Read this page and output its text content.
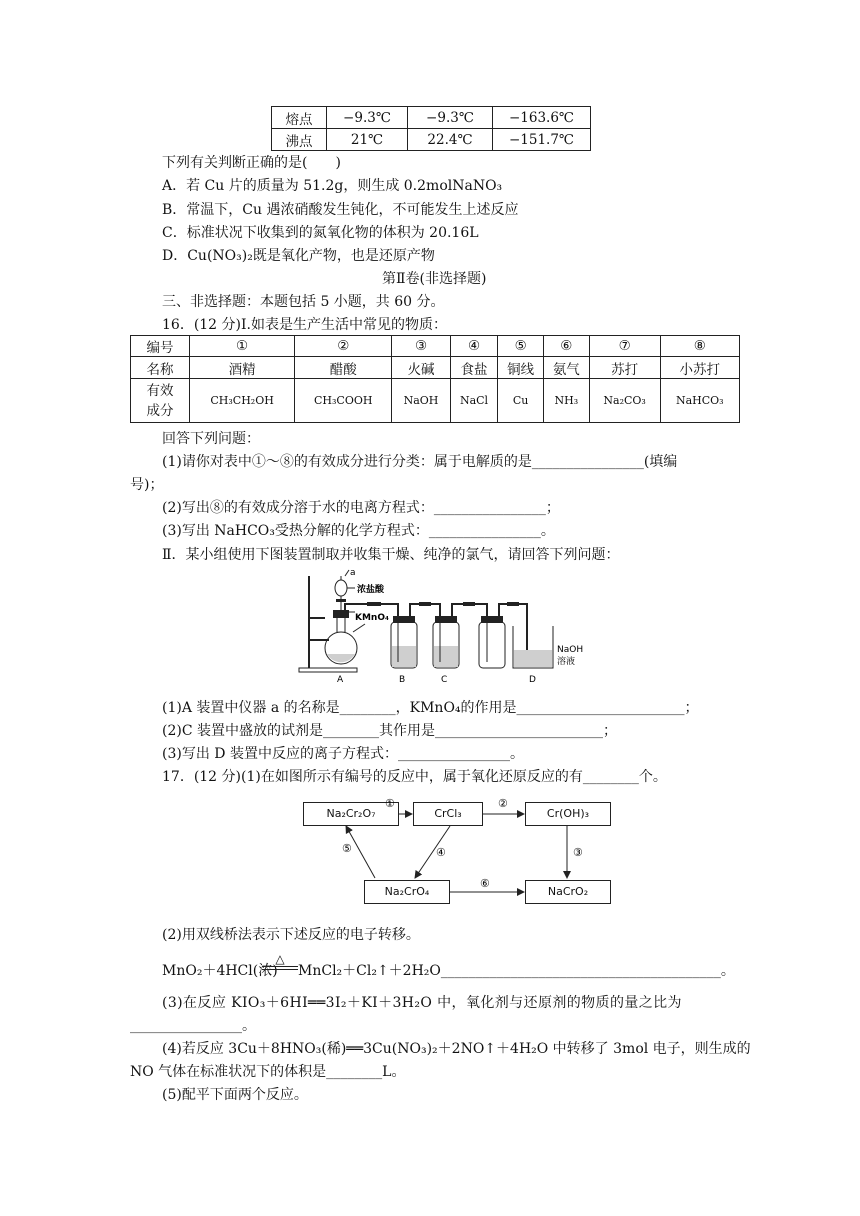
熔点	−9.3℃	−9.3℃	−163.6℃
沸点	21℃	22.4℃	−151.7℃
下列有关判断正确的是(　　)
A．若 Cu 片的质量为 51.2g，则生成 0.2molNaNO₃
B．常温下，Cu 遇浓硝酸发生钝化，不可能发生上述反应
C．标准状况下收集到的氮氧化物的体积为 20.16L
D．Cu(NO₃)₂既是氧化产物，也是还原产物
第Ⅱ卷(非选择题)
三、非选择题：本题包括 5 小题，共 60 分。
16．(12 分)Ⅰ.如表是生产生活中常见的物质：
编号	①	②	③	④	⑤	⑥	⑦	⑧
名称	酒精	醋酸	火碱	食盐	铜线	氨气	苏打	小苏打
有效成分	CH₃CH₂OH	CH₃COOH	NaOH	NaCl	Cu	NH₃	Na₂CO₃	NaHCO₃
回答下列问题：
(1)请你对表中①～⑧的有效成分进行分类：属于电解质的是________________(填编
号)；
(2)写出⑧的有效成分溶于水的电离方程式：________________；
(3)写出 NaHCO₃受热分解的化学方程式：________________。
Ⅱ．某小组使用下图装置制取并收集干燥、纯净的氯气，请回答下列问题：
a
浓盐酸
KMnO₄
NaOH
溶液
A	B	C	D
(1)A 装置中仪器 a 的名称是________，KMnO₄的作用是________________________；
(2)C 装置中盛放的试剂是________其作用是________________________；
(3)写出 D 装置中反应的离子方程式：________________。
17．(12 分)(1)在如图所示有编号的反应中，属于氧化还原反应的有________个。
Na₂Cr₂O₇	CrCl₃	Cr(OH)₃
Na₂CrO₄	NaCrO₂
①	②
③
④
⑤
⑥
(2)用双线桥法表示下述反应的电子转移。
MnO₂＋4HCl(浓)
△
MnCl₂＋Cl₂↑＋2H₂O________________________________________。
(3)在反应 KIO₃＋6HI══3I₂＋KI＋3H₂O 中，氧化剂与还原剂的物质的量之比为
________________。
(4)若反应 3Cu＋8HNO₃(稀)══3Cu(NO₃)₂＋2NO↑＋4H₂O 中转移了 3mol 电子，则生成的
NO 气体在标准状况下的体积是________L。
(5)配平下面两个反应。
